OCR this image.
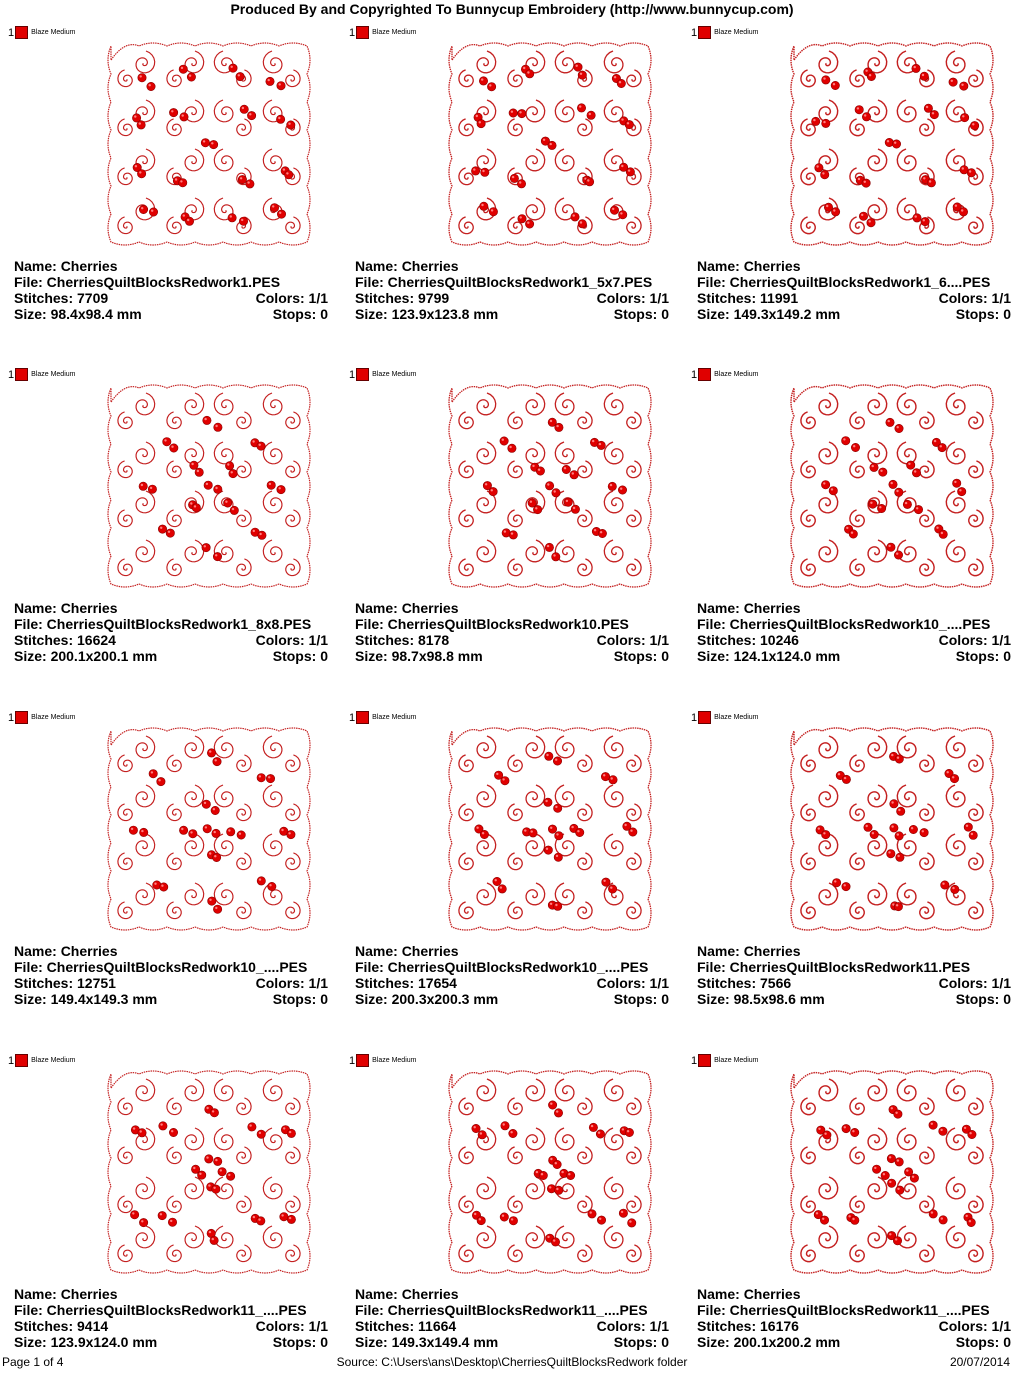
Produced By and Copyrighted To Bunnycup Embroidery (http://www.bunnycup.com)
1 Blaze Medium
Name: Cherries
File: CherriesQuiltBlocksRedwork1.PES
Stitches: 7709	Colors: 1/1
Size: 98.4x98.4 mm	Stops: 0
1 Blaze Medium
Name: Cherries
File: CherriesQuiltBlocksRedwork1_5x7.PES
Stitches: 9799	Colors: 1/1
Size: 123.9x123.8 mm	Stops: 0
1 Blaze Medium
Name: Cherries
File: CherriesQuiltBlocksRedwork1_6....PES
Stitches: 11991	Colors: 1/1
Size: 149.3x149.2 mm	Stops: 0
1 Blaze Medium
Name: Cherries
File: CherriesQuiltBlocksRedwork1_8x8.PES
Stitches: 16624	Colors: 1/1
Size: 200.1x200.1 mm	Stops: 0
1 Blaze Medium
Name: Cherries
File: CherriesQuiltBlocksRedwork10.PES
Stitches: 8178	Colors: 1/1
Size: 98.7x98.8 mm	Stops: 0
1 Blaze Medium
Name: Cherries
File: CherriesQuiltBlocksRedwork10_....PES
Stitches: 10246	Colors: 1/1
Size: 124.1x124.0 mm	Stops: 0
1 Blaze Medium
Name: Cherries
File: CherriesQuiltBlocksRedwork10_....PES
Stitches: 12751	Colors: 1/1
Size: 149.4x149.3 mm	Stops: 0
1 Blaze Medium
Name: Cherries
File: CherriesQuiltBlocksRedwork10_....PES
Stitches: 17654	Colors: 1/1
Size: 200.3x200.3 mm	Stops: 0
1 Blaze Medium
Name: Cherries
File: CherriesQuiltBlocksRedwork11.PES
Stitches: 7566	Colors: 1/1
Size: 98.5x98.6 mm	Stops: 0
1 Blaze Medium
Name: Cherries
File: CherriesQuiltBlocksRedwork11_....PES
Stitches: 9414	Colors: 1/1
Size: 123.9x124.0 mm	Stops: 0
1 Blaze Medium
Name: Cherries
File: CherriesQuiltBlocksRedwork11_....PES
Stitches: 11664	Colors: 1/1
Size: 149.3x149.4 mm	Stops: 0
1 Blaze Medium
Name: Cherries
File: CherriesQuiltBlocksRedwork11_....PES
Stitches: 16176	Colors: 1/1
Size: 200.1x200.2 mm	Stops: 0
Page 1 of 4	Source: C:\Users\ans\Desktop\CherriesQuiltBlocksRedwork folder	20/07/2014
